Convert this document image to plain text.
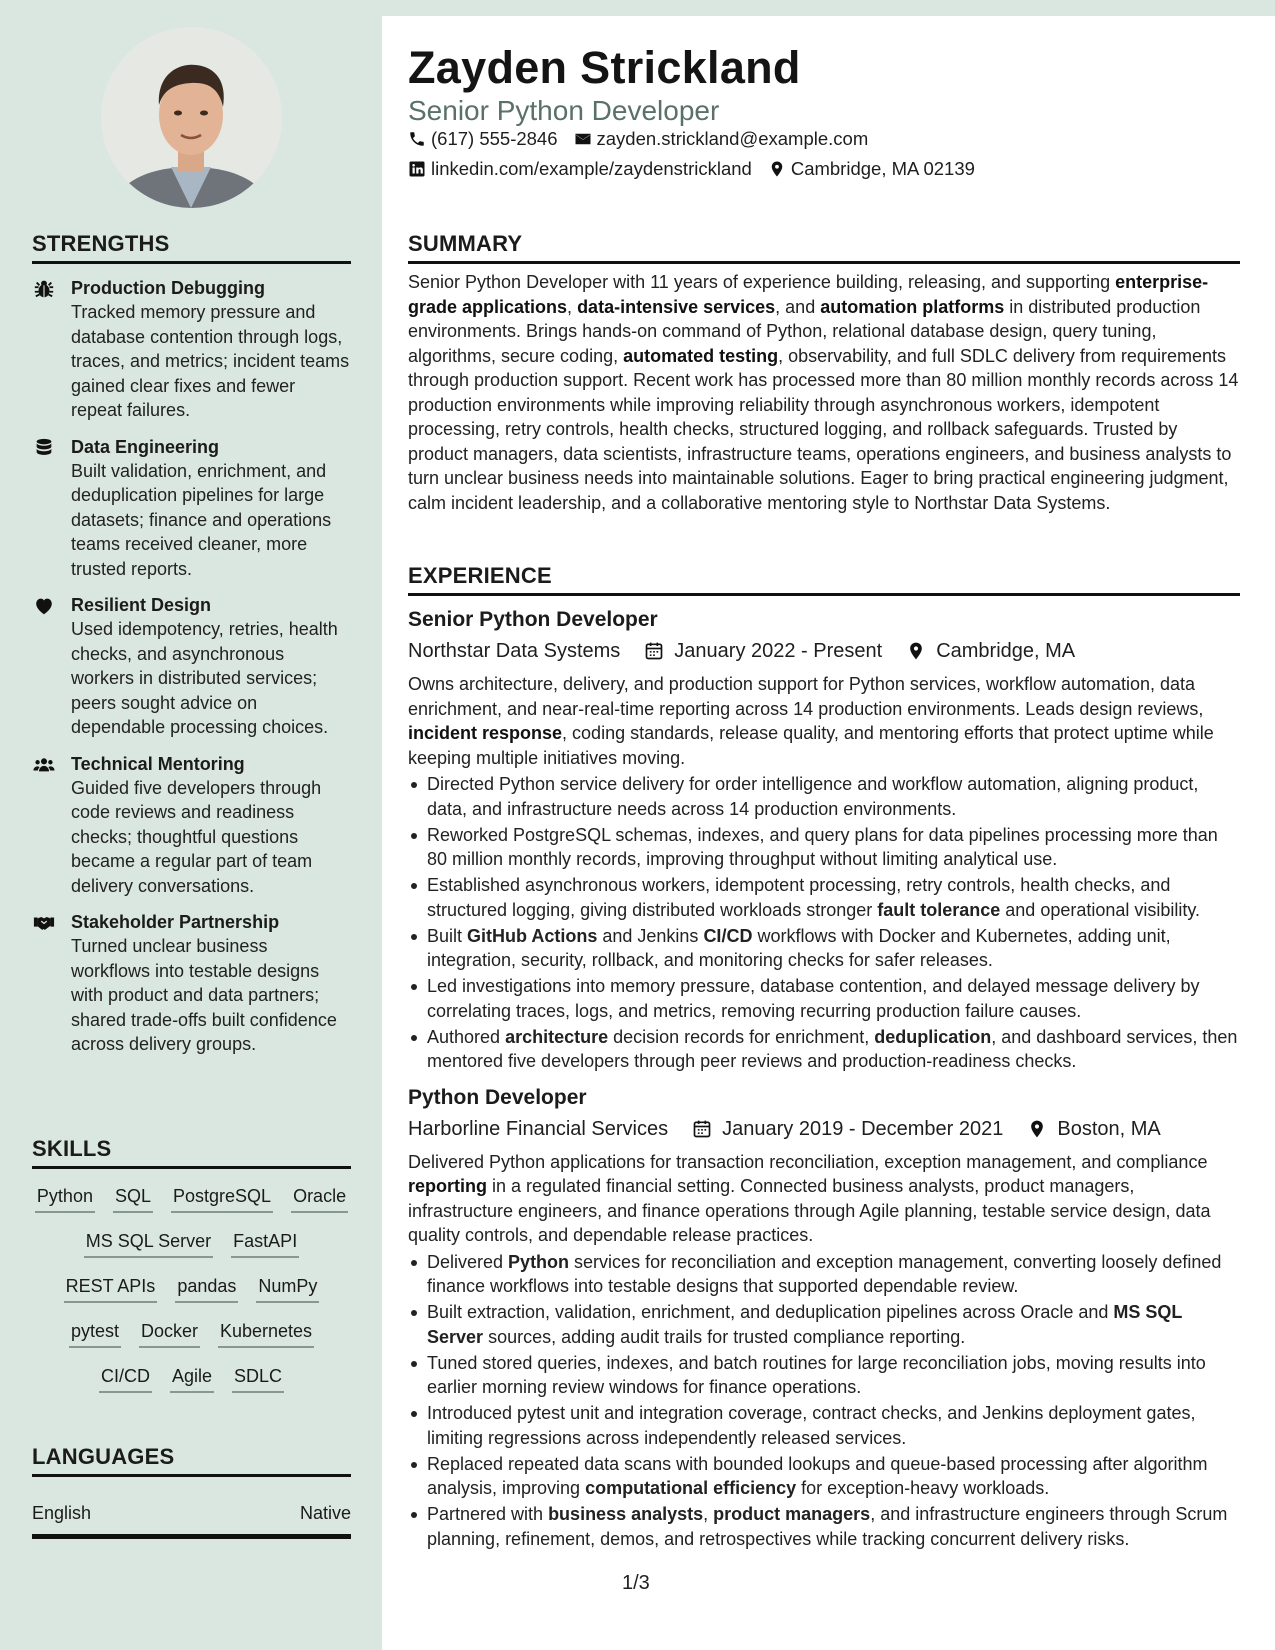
Zayden Strickland
Senior Python Developer
(617) 555-2846 zayden.strickland@example.com
linkedin.com/example/zaydenstrickland Cambridge, MA 02139
STRENGTHS
Production Debugging
Tracked memory pressure and database contention through logs, traces, and metrics; incident teams gained clear fixes and fewer repeat failures.
Data Engineering
Built validation, enrichment, and deduplication pipelines for large datasets; finance and operations teams received cleaner, more trusted reports.
Resilient Design
Used idempotency, retries, health checks, and asynchronous workers in distributed services; peers sought advice on dependable processing choices.
Technical Mentoring
Guided five developers through code reviews and readiness checks; thoughtful questions became a regular part of team delivery conversations.
Stakeholder Partnership
Turned unclear business workflows into testable designs with product and data partners; shared trade-offs built confidence across delivery groups.
SKILLS
Python SQL PostgreSQL Oracle
MS SQL Server FastAPI
REST APIs pandas NumPy
pytest Docker Kubernetes
CI/CD Agile SDLC
LANGUAGES
English	Native
SUMMARY
Senior Python Developer with 11 years of experience building, releasing, and supporting enterprise-grade applications, data-intensive services, and automation platforms in distributed production environments. Brings hands-on command of Python, relational database design, query tuning, algorithms, secure coding, automated testing, observability, and full SDLC delivery from requirements through production support. Recent work has processed more than 80 million monthly records across 14 production environments while improving reliability through asynchronous workers, idempotent processing, retry controls, health checks, structured logging, and rollback safeguards. Trusted by product managers, data scientists, infrastructure teams, operations engineers, and business analysts to turn unclear business needs into maintainable solutions. Eager to bring practical engineering judgment, calm incident leadership, and a collaborative mentoring style to Northstar Data Systems.
EXPERIENCE
Senior Python Developer
Northstar Data Systems	January 2022 - Present	Cambridge, MA
Owns architecture, delivery, and production support for Python services, workflow automation, data enrichment, and near-real-time reporting across 14 production environments. Leads design reviews, incident response, coding standards, release quality, and mentoring efforts that protect uptime while keeping multiple initiatives moving.
Directed Python service delivery for order intelligence and workflow automation, aligning product, data, and infrastructure needs across 14 production environments.
Reworked PostgreSQL schemas, indexes, and query plans for data pipelines processing more than 80 million monthly records, improving throughput without limiting analytical use.
Established asynchronous workers, idempotent processing, retry controls, health checks, and structured logging, giving distributed workloads stronger fault tolerance and operational visibility.
Built GitHub Actions and Jenkins CI/CD workflows with Docker and Kubernetes, adding unit, integration, security, rollback, and monitoring checks for safer releases.
Led investigations into memory pressure, database contention, and delayed message delivery by correlating traces, logs, and metrics, removing recurring production failure causes.
Authored architecture decision records for enrichment, deduplication, and dashboard services, then mentored five developers through peer reviews and production-readiness checks.
Python Developer
Harborline Financial Services	January 2019 - December 2021	Boston, MA
Delivered Python applications for transaction reconciliation, exception management, and compliance reporting in a regulated financial setting. Connected business analysts, product managers, infrastructure engineers, and finance operations through Agile planning, testable service design, data quality controls, and dependable release practices.
Delivered Python services for reconciliation and exception management, converting loosely defined finance workflows into testable designs that supported dependable review.
Built extraction, validation, enrichment, and deduplication pipelines across Oracle and MS SQL Server sources, adding audit trails for trusted compliance reporting.
Tuned stored queries, indexes, and batch routines for large reconciliation jobs, moving results into earlier morning review windows for finance operations.
Introduced pytest unit and integration coverage, contract checks, and Jenkins deployment gates, limiting regressions across independently released services.
Replaced repeated data scans with bounded lookups and queue-based processing after algorithm analysis, improving computational efficiency for exception-heavy workloads.
Partnered with business analysts, product managers, and infrastructure engineers through Scrum planning, refinement, demos, and retrospectives while tracking concurrent delivery risks.
1/3
